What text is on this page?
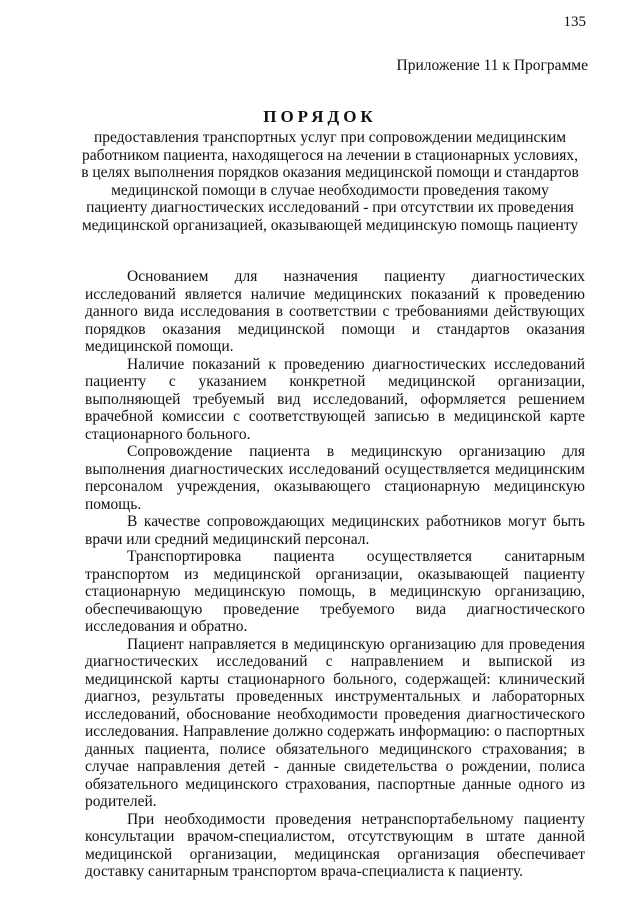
135
Приложение 11 к Программе
ПОРЯДОК
предоставления транспортных услуг при сопровождении медицинским работником пациента, находящегося на лечении в стационарных условиях, в целях выполнения порядков оказания медицинской помощи и стандартов медицинской помощи в случае необходимости проведения такому пациенту диагностических исследований - при отсутствии их проведения медицинской организацией, оказывающей медицинскую помощь пациенту

Основанием для назначения пациенту диагностических исследований является наличие медицинских показаний к проведению данного вида исследования в соответствии с требованиями действующих порядков оказания медицинской помощи и стандартов оказания медицинской помощи.

Наличие показаний к проведению диагностических исследований пациенту с указанием конкретной медицинской организации, выполняющей требуемый вид исследований, оформляется решением врачебной комиссии с соответствующей записью в медицинской карте стационарного больного.

Сопровождение пациента в медицинскую организацию для выполнения диагностических исследований осуществляется медицинским персоналом учреждения, оказывающего стационарную медицинскую помощь.

В качестве сопровождающих медицинских работников могут быть врачи или средний медицинский персонал.

Транспортировка пациента осуществляется санитарным транспортом из медицинской организации, оказывающей пациенту стационарную медицинскую помощь, в медицинскую организацию, обеспечивающую проведение требуемого вида диагностического исследования и обратно.

Пациент направляется в медицинскую организацию для проведения диагностических исследований с направлением и выпиской из медицинской карты стационарного больного, содержащей: клинический диагноз, результаты проведенных инструментальных и лабораторных исследований, обоснование необходимости проведения диагностического исследования. Направление должно содержать информацию: о паспортных данных пациента, полисе обязательного медицинского страхования; в случае направления детей - данные свидетельства о рождении, полиса обязательного медицинского страхования, паспортные данные одного из родителей.

При необходимости проведения нетранспортабельному пациенту консультации врачом-специалистом, отсутствующим в штате данной медицинской организации, медицинская организация обеспечивает доставку санитарным транспортом врача-специалиста к пациенту.
